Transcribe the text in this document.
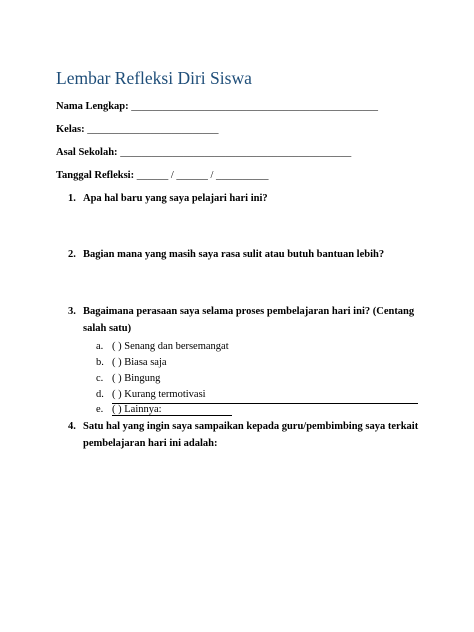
Lembar Refleksi Diri Siswa
Nama Lengkap: _______________________________________________
Kelas: _________________________
Asal Sekolah: ____________________________________________
Tanggal Refleksi: ______ / ______ / __________
1. Apa hal baru yang saya pelajari hari ini?
2. Bagian mana yang masih saya rasa sulit atau butuh bantuan lebih?
3. Bagaimana perasaan saya selama proses pembelajaran hari ini? (Centang salah satu)
a. ( ) Senang dan bersemangat
b. ( ) Biasa saja
c. ( ) Bingung
d. ( ) Kurang termotivasi
e. ( ) Lainnya:
4. Satu hal yang ingin saya sampaikan kepada guru/pembimbing saya terkait pembelajaran hari ini adalah:
